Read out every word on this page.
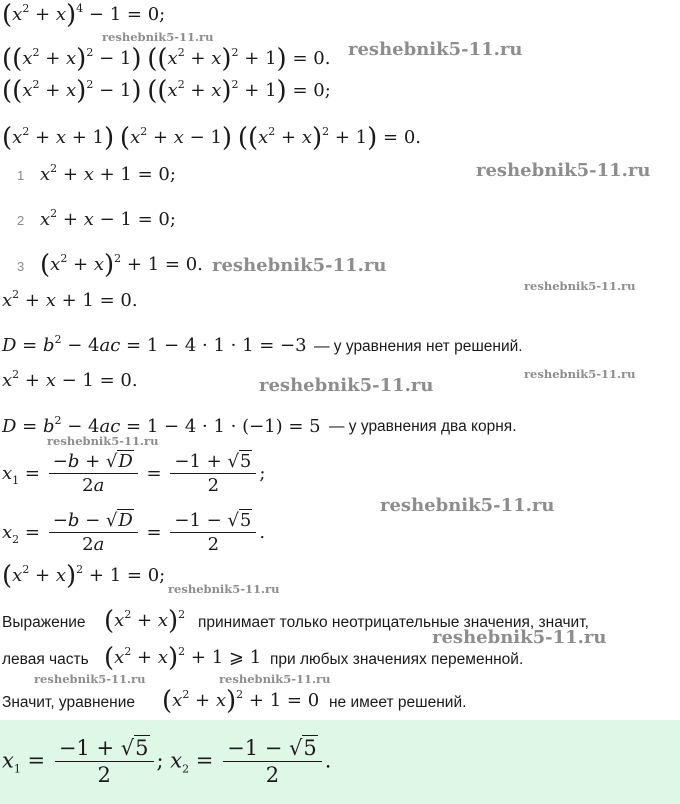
$(x^2 + x)^4 - 1 = 0$;
$((x^2 + x)^2 - 1) ((x^2 + x)^2 + 1) = 0$.
$((x^2 + x)^2 - 1) ((x^2 + x)^2 + 1) = 0$;
$(x^2 + x + 1) (x^2 + x - 1) ((x^2 + x)^2 + 1) = 0$.
1 $x^2 + x + 1 = 0$;
2 $x^2 + x - 1 = 0$;
3 $(x^2 + x)^2 + 1 = 0$.
$x^2 + x + 1 = 0$.
$D = b^2 - 4ac = 1 - 4 \cdot 1 \cdot 1 = -3$ — у уравнения нет решений.
$x^2 + x - 1 = 0$.
$D = b^2 - 4ac = 1 - 4 \cdot 1 \cdot (-1) = 5$ — у уравнения два корня.
$x_1 = \frac{-b + √D}{2a} = \frac{-1 + √5}{2}$ ;
$x_2 = \frac{-b - √D}{2a} = \frac{-1 - √5}{2}$ .
$(x^2 + x)^2 + 1 = 0$;
Выражение $(x^2 + x)^2$ принимает только неотрицательные значения, значит,
левая часть $(x^2 + x)^2 + 1$ ⩾ 1 при любых значениях переменной.
Значит, уравнение $(x^2 + x)^2 + 1 = 0$ не имеет решений.
$x_1 = \frac{-1 + √5}{2}$ ; $x_2 = \frac{-1 - √5}{2}$ .
reshebnik5-11.ru
reshebnik5-11.ru
reshebnik5-11.ru
reshebnik5-11.ru
reshebnik5-11.ru
reshebnik5-11.ru
reshebnik5-11.ru
reshebnik5-11.ru
reshebnik5-11.ru
reshebnik5-11.ru
reshebnik5-11.ru
reshebnik5-11.ru	reshebnik5-11.ru
